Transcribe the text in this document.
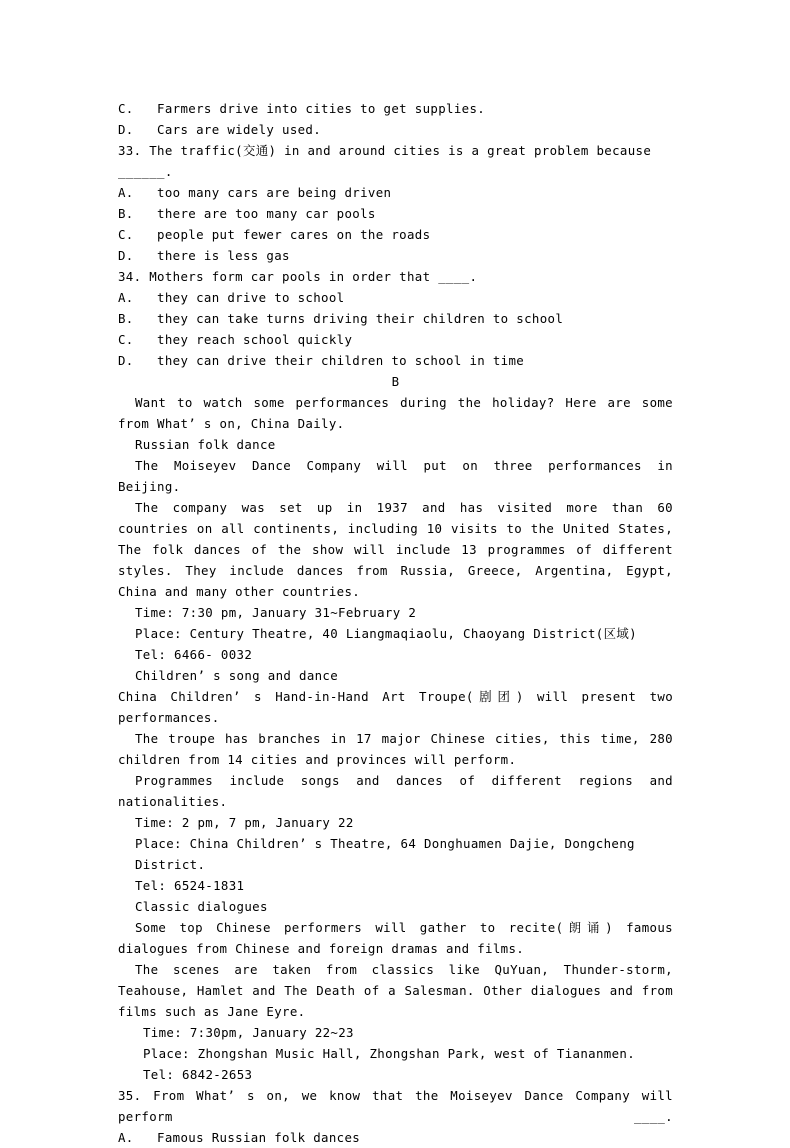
C.   Farmers drive into cities to get supplies.
D.   Cars are widely used.
33. The traffic(交通) in and around cities is a great problem because ______.
A.   too many cars are being driven
B.   there are too many car pools
C.   people put fewer cares on the roads
D.   there is less gas
34. Mothers form car pools in order that ____.
A.   they can drive to school
B.   they can take turns driving their children to school
C.   they reach school quickly
D.   they can drive their children to school in time
B
Want to watch some performances during the holiday? Here are some from What’ s on, China Daily.
Russian folk dance
The Moiseyev Dance Company will put on three performances in Beijing.
The company was set up in 1937 and has visited more than 60 countries on all continents, including 10 visits to the United States, The folk dances of the show will include 13 programmes of different styles. They include dances from Russia, Greece, Argentina, Egypt, China and many other countries.
Time: 7:30 pm, January 31~February 2
Place: Century Theatre, 40 Liangmaqiaolu, Chaoyang District(区域)
Tel: 6466- 0032
Children’ s song and dance
China Children’ s Hand-in-Hand Art Troupe(剧团) will present two performances.
The troupe has branches in 17 major Chinese cities, this time, 280 children from 14 cities and provinces will perform.
Programmes include songs and dances of different regions and nationalities.
Time: 2 pm, 7 pm, January 22
Place: China Children’ s Theatre, 64 Donghuamen Dajie, Dongcheng District.
Tel: 6524-1831
Classic dialogues
Some top Chinese performers will gather to recite(朗诵) famous dialogues from Chinese and foreign dramas and films.
The scenes are taken from classics like QuYuan, Thunder-storm, Teahouse, Hamlet and The Death of a Salesman. Other dialogues and from films such as Jane Eyre.
Time: 7:30pm, January 22~23
Place: Zhongshan Music Hall, Zhongshan Park, west of Tiananmen.
Tel: 6842-2653
35. From What’ s on, we know that the Moiseyev Dance Company will perform ____.
A.   Famous Russian folk dances
